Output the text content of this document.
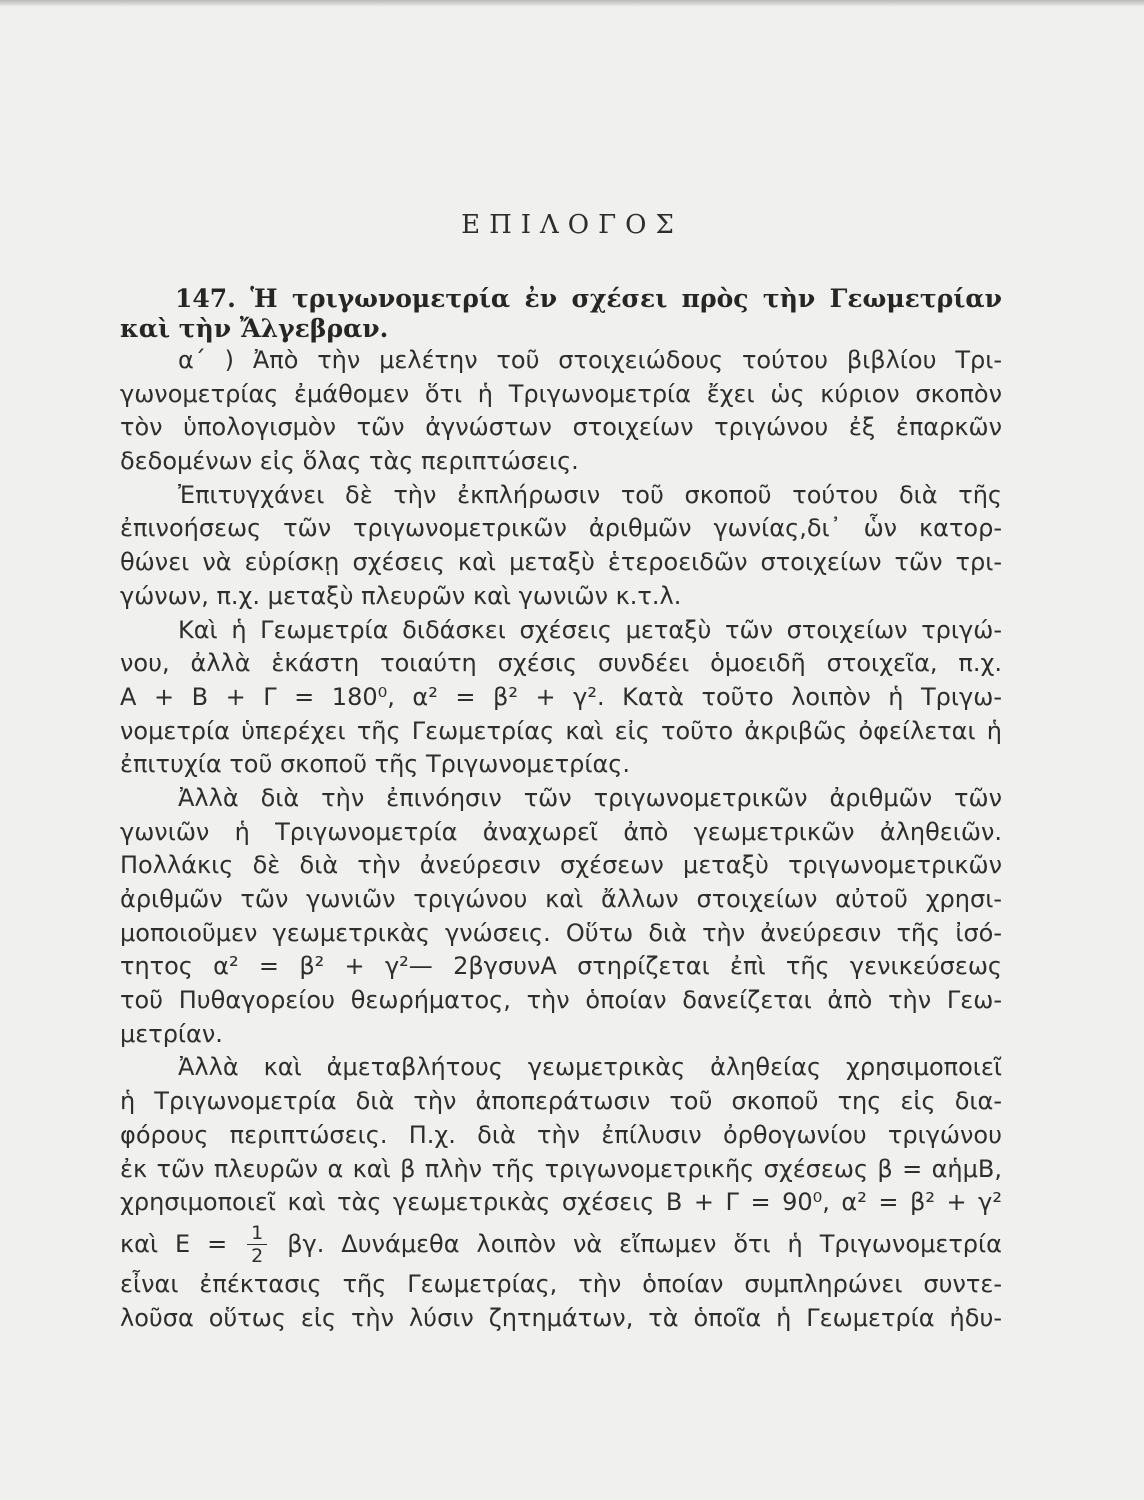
ΕΠΙΛΟΓΟΣ
147. Ἡ τριγωνομετρία ἐν σχέσει πρὸς τὴν Γεωμετρίαν
καὶ τὴν Ἄλγεβραν.
α΄ ) Ἀπὸ τὴν μελέτην τοῦ στοιχειώδους τούτου βιβλίου Τρι-
γωνομετρίας ἐμάθομεν ὅτι ἡ Τριγωνομετρία ἔχει ὡς κύριον σκοπὸν
τὸν ὑπολογισμὸν τῶν ἀγνώστων στοιχείων τριγώνου ἐξ ἐπαρκῶν
δεδομένων εἰς ὅλας τὰς περιπτώσεις.
Ἐπιτυγχάνει δὲ τὴν ἐκπλήρωσιν τοῦ σκοποῦ τούτου διὰ τῆς
ἐπινοήσεως τῶν τριγωνομετρικῶν ἀριθμῶν γωνίας,δι᾽ ὧν κατορ-
θώνει νὰ εὑρίσκῃ σχέσεις καὶ μεταξὺ ἑτεροειδῶν στοιχείων τῶν τρι-
γώνων, π.χ. μεταξὺ πλευρῶν καὶ γωνιῶν κ.τ.λ.
Καὶ ἡ Γεωμετρία διδάσκει σχέσεις μεταξὺ τῶν στοιχείων τριγώ-
νου, ἀλλὰ ἑκάστη τοιαύτη σχέσις συνδέει ὁμοειδῆ στοιχεῖα, π.χ.
Α + Β + Γ = 180⁰, α² = β² + γ². Κατὰ τοῦτο λοιπὸν ἡ Τριγω-
νομετρία ὑπερέχει τῆς Γεωμετρίας καὶ εἰς τοῦτο ἀκριβῶς ὀφείλεται ἡ
ἐπιτυχία τοῦ σκοποῦ τῆς Τριγωνομετρίας.
Ἀλλὰ διὰ τὴν ἐπινόησιν τῶν τριγωνομετρικῶν ἀριθμῶν τῶν
γωνιῶν ἡ Τριγωνομετρία ἀναχωρεῖ ἀπὸ γεωμετρικῶν ἀληθειῶν.
Πολλάκις δὲ διὰ τὴν ἀνεύρεσιν σχέσεων μεταξὺ τριγωνομετρικῶν
ἀριθμῶν τῶν γωνιῶν τριγώνου καὶ ἄλλων στοιχείων αὐτοῦ χρησι-
μοποιοῦμεν γεωμετρικὰς γνώσεις. Οὕτω διὰ τὴν ἀνεύρεσιν τῆς ἰσό-
τητος α² = β² + γ²— 2βγσυνΑ στηρίζεται ἐπὶ τῆς γενικεύσεως
τοῦ Πυθαγορείου θεωρήματος, τὴν ὁποίαν δανείζεται ἀπὸ τὴν Γεω-
μετρίαν.
Ἀλλὰ καὶ ἀμεταβλήτους γεωμετρικὰς ἀληθείας χρησιμοποιεῖ
ἡ Τριγωνομετρία διὰ τὴν ἀποπεράτωσιν τοῦ σκοποῦ της εἰς δια-
φόρους περιπτώσεις. Π.χ. διὰ τὴν ἐπίλυσιν ὀρθογωνίου τριγώνου
ἐκ τῶν πλευρῶν α καὶ β πλὴν τῆς τριγωνομετρικῆς σχέσεως β = αἡμΒ,
χρησιμοποιεῖ καὶ τὰς γεωμετρικὰς σχέσεις Β + Γ = 90⁰, α² = β² + γ²
καὶ $E = \frac{1}{2} \beta\gamma$. Δυνάμεθα λοιπὸν νὰ εἴπωμεν ὅτι ἡ Τριγωνομετρία
εἶναι ἐπέκτασις τῆς Γεωμετρίας, τὴν ὁποίαν συμπληρώνει συντε-
λοῦσα οὕτως εἰς τὴν λύσιν ζητημάτων, τὰ ὁποῖα ἡ Γεωμετρία ἠδυ-
